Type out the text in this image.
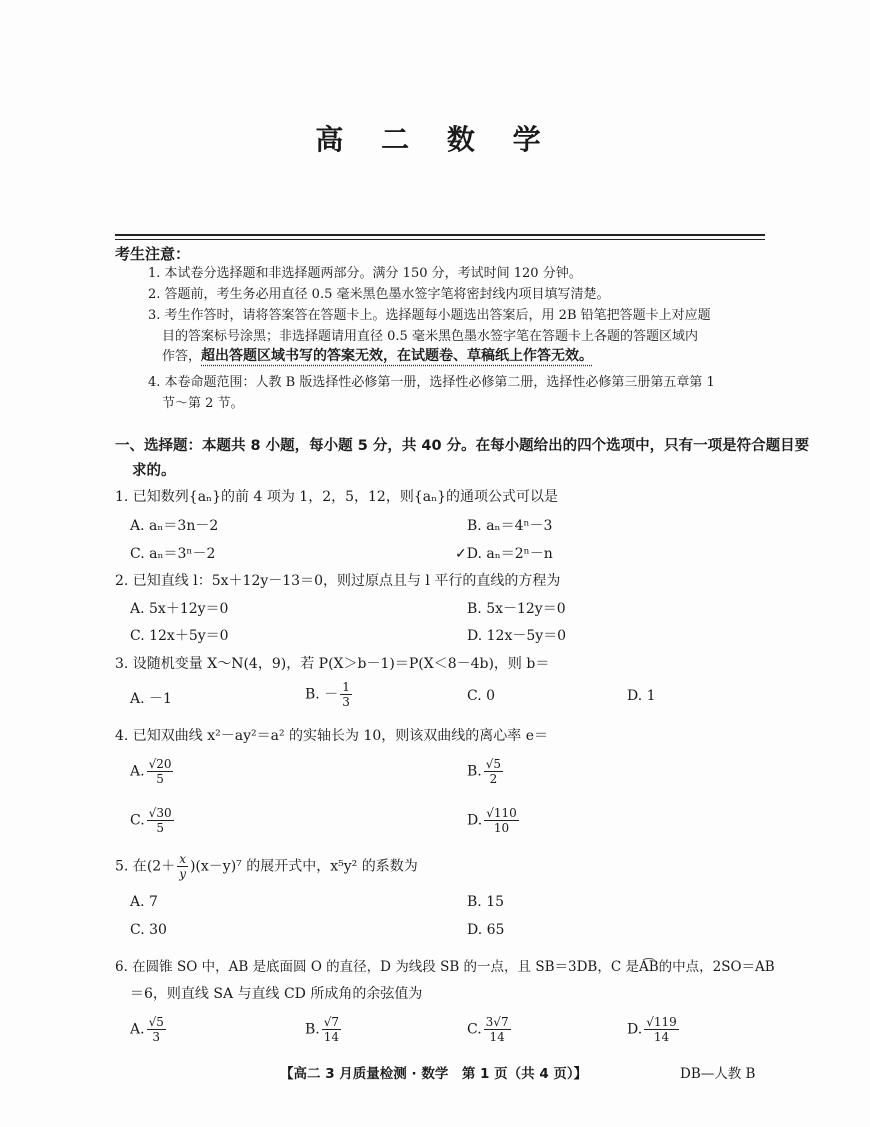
高 二 数 学
考生注意：
1. 本试卷分选择题和非选择题两部分。满分 150 分，考试时间 120 分钟。
2. 答题前，考生务必用直径 0.5 毫米黑色墨水签字笔将密封线内项目填写清楚。
3. 考生作答时，请将答案答在答题卡上。选择题每小题选出答案后，用 2B 铅笔把答题卡上对应题
目的答案标号涂黑；非选择题请用直径 0.5 毫米黑色墨水签字笔在答题卡上各题的答题区域内
作答，超出答题区域书写的答案无效，在试题卷、草稿纸上作答无效。
4. 本卷命题范围：人教 B 版选择性必修第一册，选择性必修第二册，选择性必修第三册第五章第 1
节～第 2 节。
一、选择题：本题共 8 小题，每小题 5 分，共 40 分。在每小题给出的四个选项中，只有一项是符合题目要
求的。
1. 已知数列{aₙ}的前 4 项为 1，2，5，12，则{aₙ}的通项公式可以是
A. aₙ＝3n－2	B. aₙ＝4ⁿ－3
C. aₙ＝3ⁿ－2	✓D. aₙ＝2ⁿ－n
2. 已知直线 l：5x＋12y－13＝0，则过原点且与 l 平行的直线的方程为
A. 5x＋12y＝0	B. 5x－12y＝0
C. 12x＋5y＝0	D. 12x－5y＝0
3. 设随机变量 X～N(4，9)，若 P(X＞b－1)＝P(X＜8－4b)，则 b＝
A. －1	B. － $\frac{1}{3}$	C. 0	D. 1
4. 已知双曲线 x²－ay²＝a² 的实轴长为 10，则该双曲线的离心率 e＝
A. $\frac{√20}{5}$	B. $\frac{√5}{2}$
C. $\frac{√30}{5}$	D. $\frac{√110}{10}$
5. 在$(2+ \frac{x}{y} )(x-y)^7$ 的展开式中，x⁵y² 的系数为
A. 7	B. 15
C. 30	D. 65
6. 在圆锥 SO 中，AB 是底面圆 O 的直径，D 为线段 SB 的一点，且 SB＝3DB，C 是A͡B的中点，2SO＝AB
＝6，则直线 SA 与直线 CD 所成角的余弦值为
A. $\frac{√5}{3}$	B. $\frac{√7}{14}$	C. $\frac{3√7}{14}$	D. $\frac{√119}{14}$
【高二 3 月质量检测 · 数学　第 1 页（共 4 页）】	DB—人教 B
